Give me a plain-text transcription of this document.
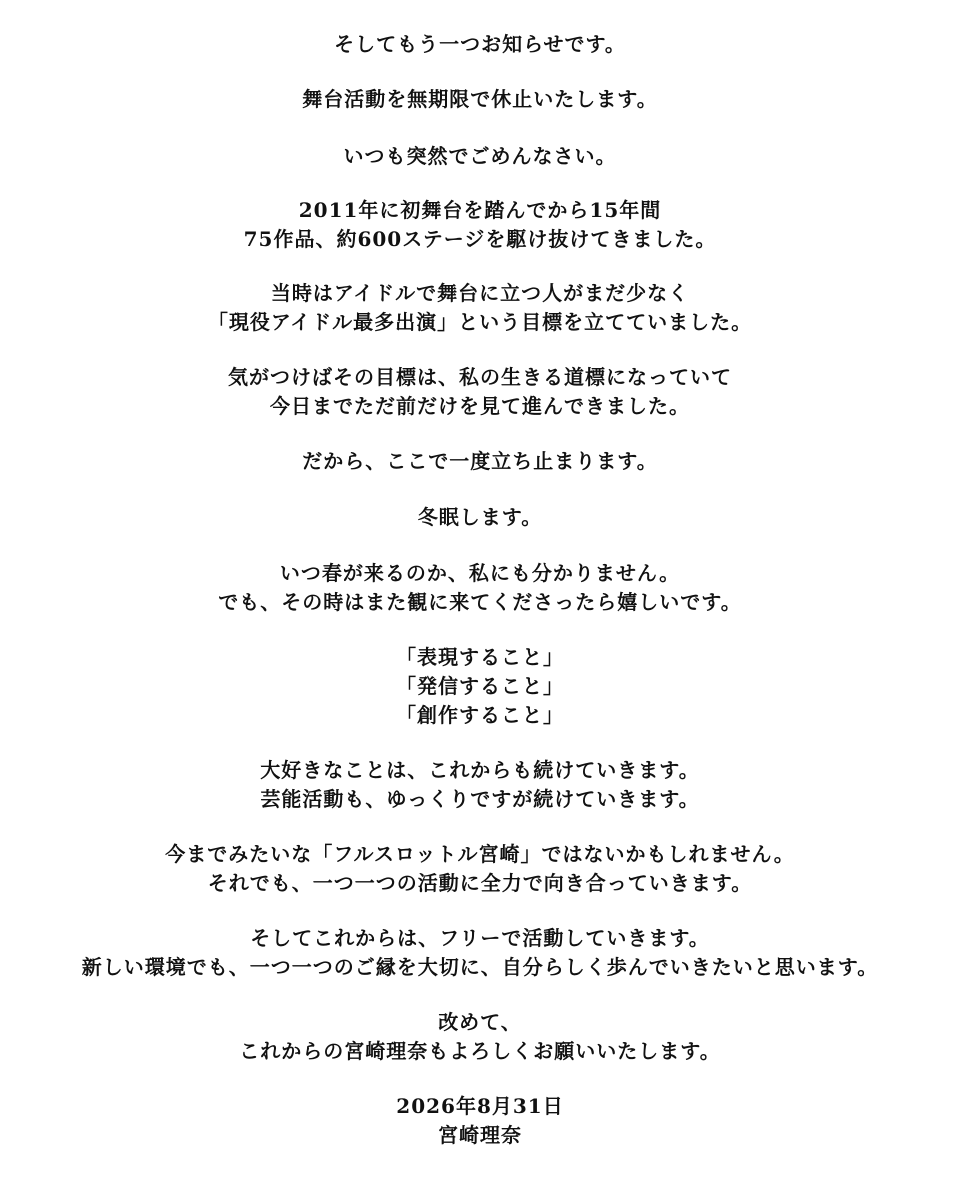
そしてもう一つお知らせです。
舞台活動を無期限で休止いたします。
いつも突然でごめんなさい。
2011年に初舞台を踏んでから15年間
75作品、約600ステージを駆け抜けてきました。
当時はアイドルで舞台に立つ人がまだ少なく
「現役アイドル最多出演」という目標を立てていました。
気がつけばその目標は、私の生きる道標になっていて
今日までただ前だけを見て進んできました。
だから、ここで一度立ち止まります。
冬眠します。
いつ春が来るのか、私にも分かりません。
でも、その時はまた観に来てくださったら嬉しいです。
「表現すること」
「発信すること」
「創作すること」
大好きなことは、これからも続けていきます。
芸能活動も、ゆっくりですが続けていきます。
今までみたいな「フルスロットル宮崎」ではないかもしれません。
それでも、一つ一つの活動に全力で向き合っていきます。
そしてこれからは、フリーで活動していきます。
新しい環境でも、一つ一つのご縁を大切に、自分らしく歩んでいきたいと思います。
改めて、
これからの宮崎理奈もよろしくお願いいたします。
2026年8月31日
宮崎理奈
